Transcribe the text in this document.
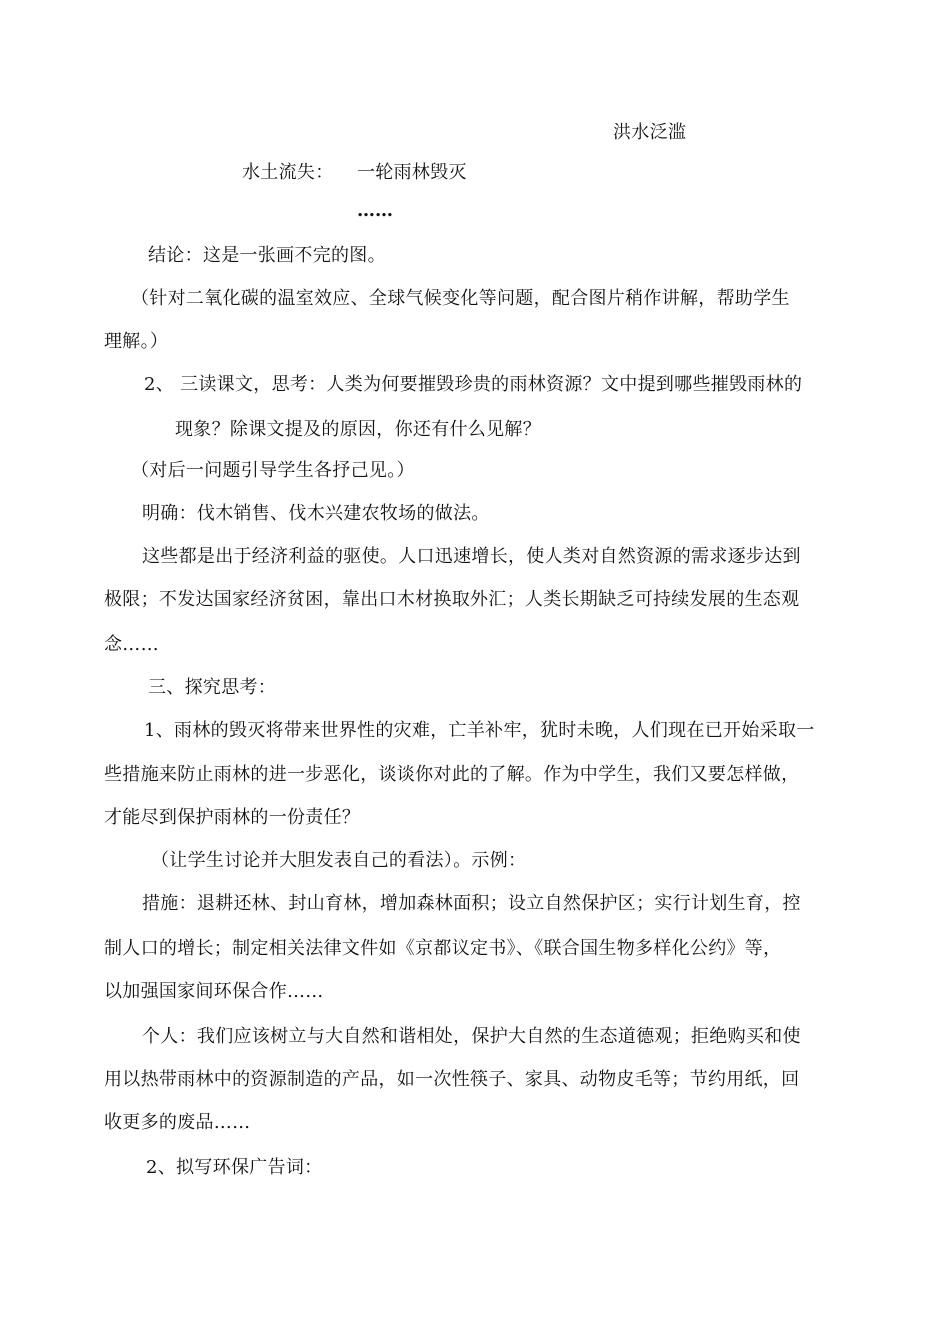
洪水泛滥
水土流失： 一轮雨林毁灭
……
结论：这是一张画不完的图。
（针对二氧化碳的温室效应、全球气候变化等问题，配合图片稍作讲解，帮助学生
理解。）
2、 三读课文，思考：人类为何要摧毁珍贵的雨林资源？文中提到哪些摧毁雨林的
现象？除课文提及的原因，你还有什么见解？
（对后一问题引导学生各抒己见。）
明确：伐木销售、伐木兴建农牧场的做法。
这些都是出于经济利益的驱使。人口迅速增长，使人类对自然资源的需求逐步达到
极限；不发达国家经济贫困，靠出口木材换取外汇；人类长期缺乏可持续发展的生态观
念……
三、探究思考：
1、雨林的毁灭将带来世界性的灾难，亡羊补牢，犹时未晚，人们现在已开始采取一
些措施来防止雨林的进一步恶化，谈谈你对此的了解。作为中学生，我们又要怎样做，
才能尽到保护雨林的一份责任？
（让学生讨论并大胆发表自己的看法）。示例：
措施：退耕还林、封山育林，增加森林面积；设立自然保护区；实行计划生育，控
制人口的增长；制定相关法律文件如《京都议定书》、《联合国生物多样化公约》等，
以加强国家间环保合作……
个人：我们应该树立与大自然和谐相处，保护大自然的生态道德观；拒绝购买和使
用以热带雨林中的资源制造的产品，如一次性筷子、家具、动物皮毛等；节约用纸，回
收更多的废品……
2、拟写环保广告词：
